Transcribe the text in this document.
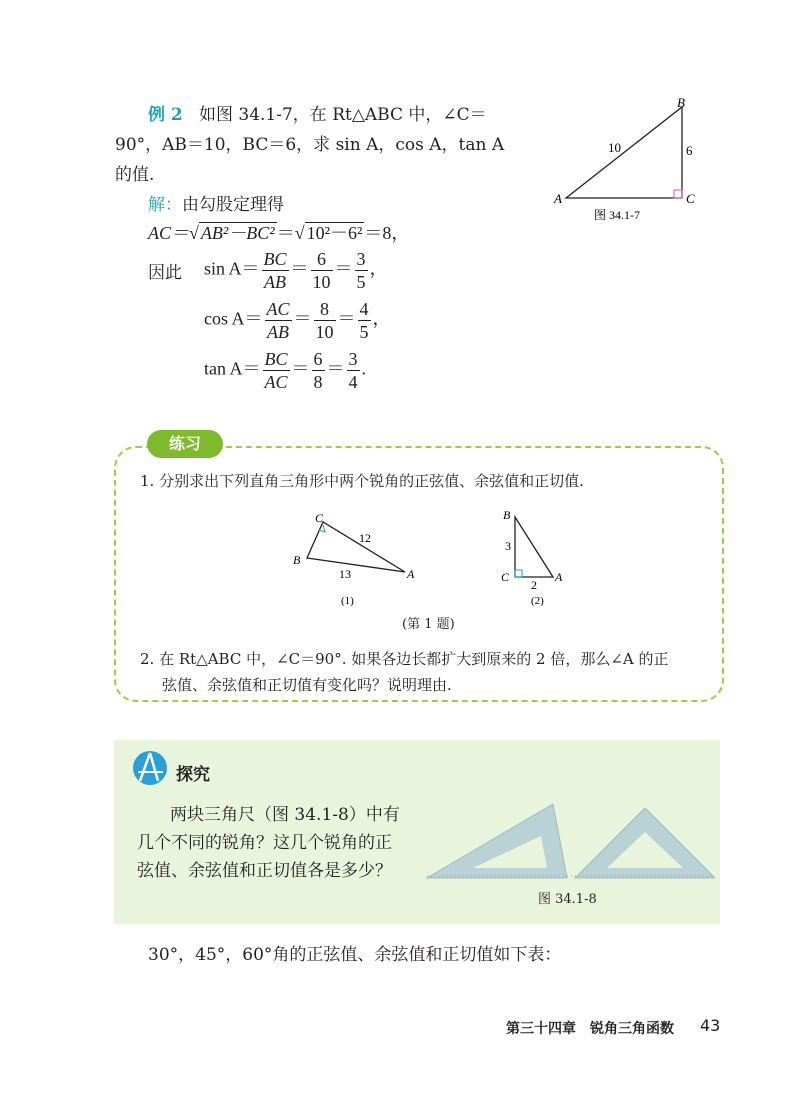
例 2 如图 34.1-7，在 Rt△ABC 中，∠C＝
90°，AB＝10，BC＝6，求 sin A，cos A，tan A
的值.
解：由勾股定理得
AC＝√ AB²－BC² ＝√ 10²－6² ＝8，
因此 $\sin A= \frac{BC}{AB} = \frac{6}{10} = \frac{3}{5}$ ，
$\cos A= \frac{AC}{AB} = \frac{8}{10} = \frac{4}{5}$ ，
$\tan A= \frac{BC}{AC} = \frac{6}{8} = \frac{3}{4}$ .
A
B
C
10	6
图 34.1-7
练习
1. 分别求出下列直角三角形中两个锐角的正弦值、余弦值和正切值.
B
C
A
12
13
(1)
B
C	A
3
2
(2)
(第 1 题)
2. 在 Rt△ABC 中，∠C＝90°. 如果各边长都扩大到原来的 2 倍，那么∠A 的正
弦值、余弦值和正切值有变化吗？说明理由.
探究
两块三角尺（图 34.1-8）中有
几个不同的锐角？这几个锐角的正
弦值、余弦值和正切值各是多少？
图 34.1-8
30°，45°，60°角的正弦值、余弦值和正切值如下表：
第三十四章　锐角三角函数 43
